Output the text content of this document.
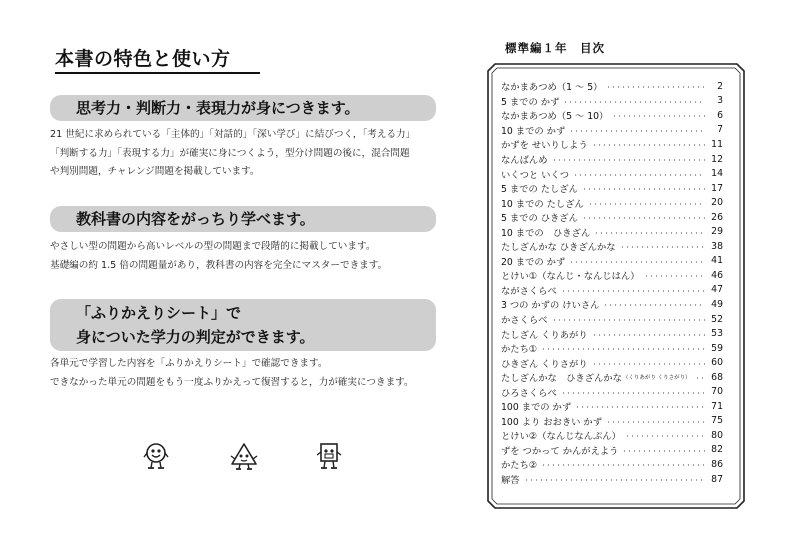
本書の特色と使い方
思考力・判断力・表現力が身につきます。
21 世紀に求められている「主体的」「対話的」「深い学び」に結びつく，「考える力」
「判断する力」「表現する力」が確実に身につくよう，型分け問題の後に，混合問題
や判別問題，チャレンジ問題を掲載しています。
教科書の内容をがっちり学べます。
やさしい型の問題から高いレベルの型の問題まで段階的に掲載しています。
基礎編の約 1.5 倍の問題量があり，教科書の内容を完全にマスターできます。
「ふりかえりシート」で
身についた学力の判定ができます。
各単元で学習した内容を「ふりかえりシート」で確認できます。
できなかった単元の問題をもう一度ふりかえって復習すると，力が確実につきます。
標準編１年　目次
なかまあつめ（1 ～ 5）	2
5 までの かず	3
なかまあつめ（5 ～ 10）	6
10 までの かず	7
かずを せいりしよう	11
なんばんめ	12
いくつと いくつ	14
5 までの たしざん	17
10 までの たしざん	20
5 までの ひきざん	26
10 までの　ひきざん	29
たしざんかな ひきざんかな	38
20 までの かず	41
とけい①（なんじ・なんじはん）	46
ながさくらべ	47
3 つの かずの けいさん	49
かさくらべ	52
たしざん くりあがり	53
かたち①	59
ひきざん くりさがり	60
たしざんかな　ひきざんかな （くりあがり くりさがり） 68
ひろさくらべ	70
100 までの かず	71
100 より おおきい かず	75
とけい②（なんじなんぷん）	80
ずを つかって かんがえよう	82
かたち②	86
解答	87
